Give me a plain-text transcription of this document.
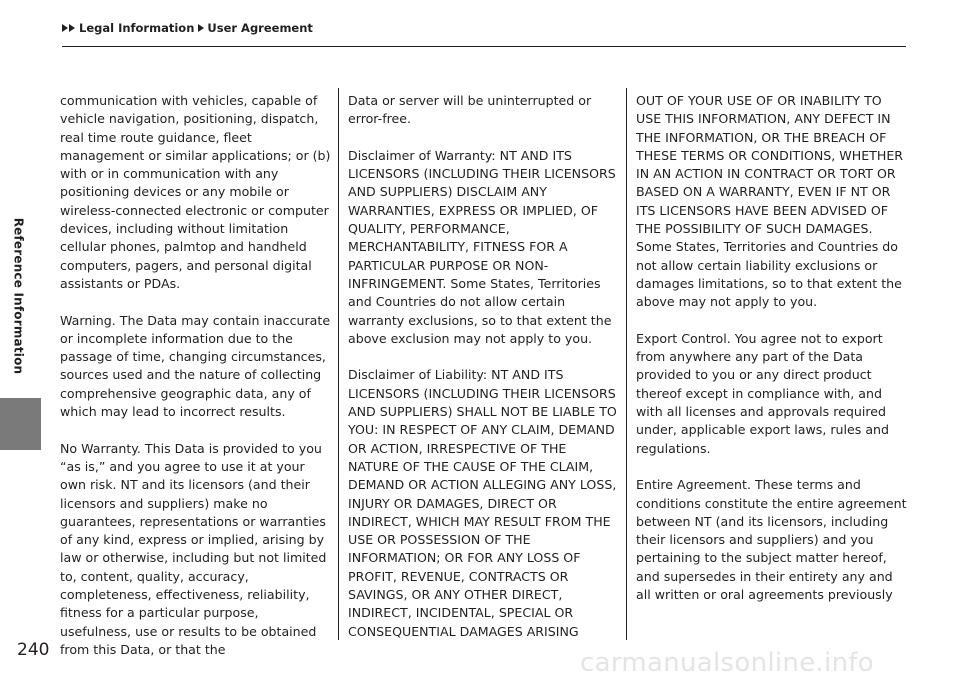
Reference Information
Legal Information User Agreement

communication with vehicles, capable of vehicle navigation, positioning, dispatch, real time route guidance, fleet management or similar applications; or (b) with or in communication with any positioning devices or any mobile or wireless-connected electronic or computer devices, including without limitation cellular phones, palmtop and handheld computers, pagers, and personal digital assistants or PDAs.

Warning. The Data may contain inaccurate or incomplete information due to the passage of time, changing circumstances, sources used and the nature of collecting comprehensive geographic data, any of which may lead to incorrect results.

No Warranty. This Data is provided to you “as is,” and you agree to use it at your own risk. NT and its licensors (and their licensors and suppliers) make no guarantees, representations or warranties of any kind, express or implied, arising by law or otherwise, including but not limited to, content, quality, accuracy, completeness, effectiveness, reliability, fitness for a particular purpose, usefulness, use or results to be obtained from this Data, or that the

Data or server will be uninterrupted or error-free.

Disclaimer of Warranty: NT AND ITS LICENSORS (INCLUDING THEIR LICENSORS AND SUPPLIERS) DISCLAIM ANY WARRANTIES, EXPRESS OR IMPLIED, OF QUALITY, PERFORMANCE, MERCHANTABILITY, FITNESS FOR A PARTICULAR PURPOSE OR NON-INFRINGEMENT. Some States, Territories and Countries do not allow certain warranty exclusions, so to that extent the above exclusion may not apply to you.

Disclaimer of Liability: NT AND ITS LICENSORS (INCLUDING THEIR LICENSORS AND SUPPLIERS) SHALL NOT BE LIABLE TO YOU: IN RESPECT OF ANY CLAIM, DEMAND OR ACTION, IRRESPECTIVE OF THE NATURE OF THE CAUSE OF THE CLAIM, DEMAND OR ACTION ALLEGING ANY LOSS, INJURY OR DAMAGES, DIRECT OR INDIRECT, WHICH MAY RESULT FROM THE USE OR POSSESSION OF THE INFORMATION; OR FOR ANY LOSS OF PROFIT, REVENUE, CONTRACTS OR SAVINGS, OR ANY OTHER DIRECT, INDIRECT, INCIDENTAL, SPECIAL OR CONSEQUENTIAL DAMAGES ARISING

OUT OF YOUR USE OF OR INABILITY TO USE THIS INFORMATION, ANY DEFECT IN THE INFORMATION, OR THE BREACH OF THESE TERMS OR CONDITIONS, WHETHER IN AN ACTION IN CONTRACT OR TORT OR BASED ON A WARRANTY, EVEN IF NT OR ITS LICENSORS HAVE BEEN ADVISED OF THE POSSIBILITY OF SUCH DAMAGES. Some States, Territories and Countries do not allow certain liability exclusions or damages limitations, so to that extent the above may not apply to you.

Export Control. You agree not to export from anywhere any part of the Data provided to you or any direct product thereof except in compliance with, and with all licenses and approvals required under, applicable export laws, rules and regulations.

Entire Agreement. These terms and conditions constitute the entire agreement between NT (and its licensors, including their licensors and suppliers) and you pertaining to the subject matter hereof, and supersedes in their entirety any and all written or oral agreements previously

240	carmanualsonline.info
